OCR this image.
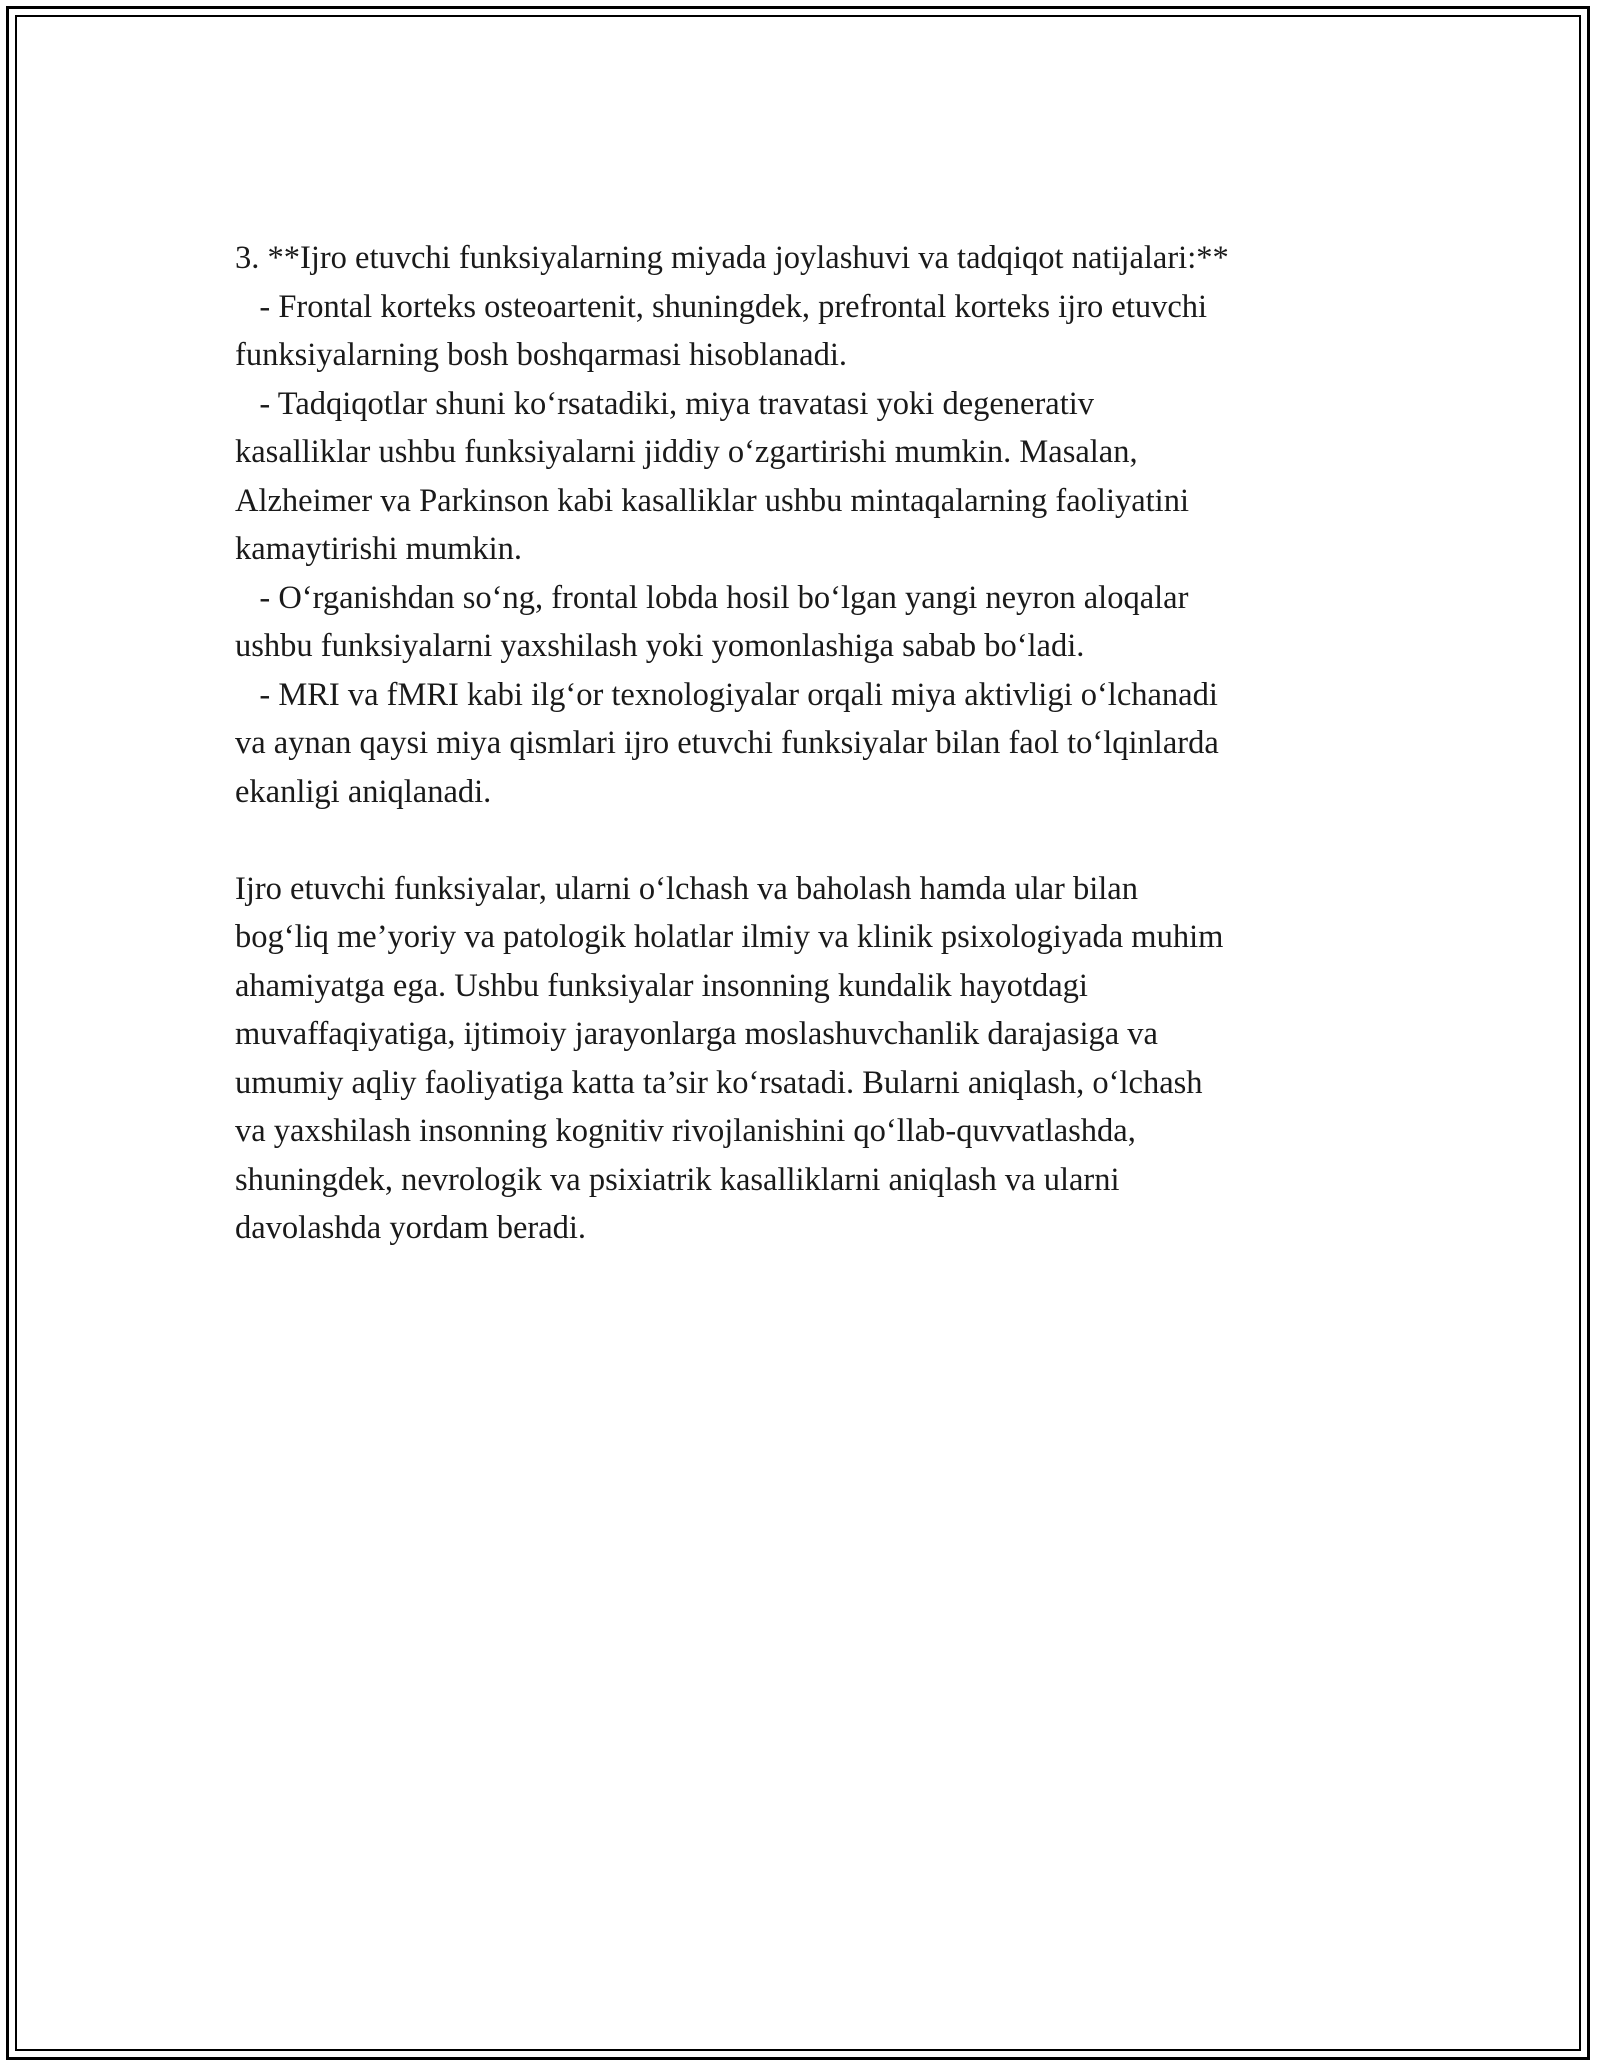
3. **Ijro etuvchi funksiyalarning miyada joylashuvi va tadqiqot natijalari:**

- Frontal korteks osteoartenit, shuningdek, prefrontal korteks ijro etuvchi

funksiyalarning bosh boshqarmasi hisoblanadi.

- Tadqiqotlar shuni ko‘rsatadiki, miya travatasi yoki degenerativ

kasalliklar ushbu funksiyalarni jiddiy o‘zgartirishi mumkin. Masalan,

Alzheimer va Parkinson kabi kasalliklar ushbu mintaqalarning faoliyatini

kamaytirishi mumkin.

- O‘rganishdan so‘ng, frontal lobda hosil bo‘lgan yangi neyron aloqalar

ushbu funksiyalarni yaxshilash yoki yomonlashiga sabab bo‘ladi.

- MRI va fMRI kabi ilg‘or texnologiyalar orqali miya aktivligi o‘lchanadi

va aynan qaysi miya qismlari ijro etuvchi funksiyalar bilan faol to‘lqinlarda

ekanligi aniqlanadi.

Ijro etuvchi funksiyalar, ularni o‘lchash va baholash hamda ular bilan

bog‘liq me’yoriy va patologik holatlar ilmiy va klinik psixologiyada muhim

ahamiyatga ega. Ushbu funksiyalar insonning kundalik hayotdagi

muvaffaqiyatiga, ijtimoiy jarayonlarga moslashuvchanlik darajasiga va

umumiy aqliy faoliyatiga katta ta’sir ko‘rsatadi. Bularni aniqlash, o‘lchash

va yaxshilash insonning kognitiv rivojlanishini qo‘llab-quvvatlashda,

shuningdek, nevrologik va psixiatrik kasalliklarni aniqlash va ularni

davolashda yordam beradi.
